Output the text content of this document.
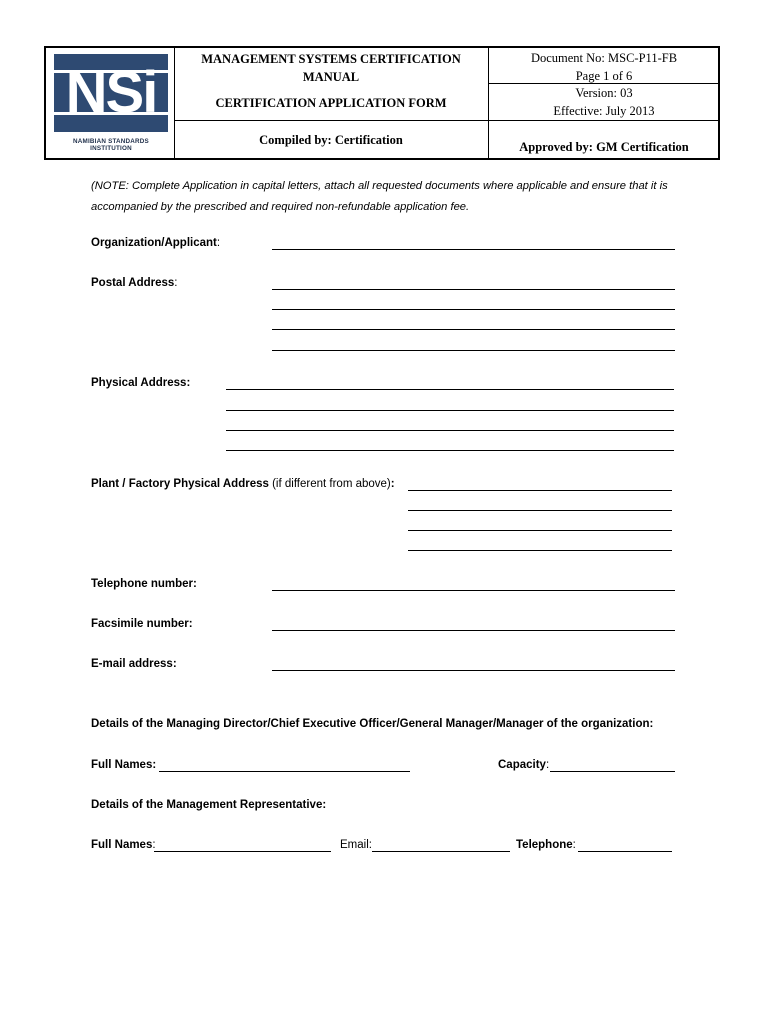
NSi
NAMIBIAN STANDARDS INSTITUTION
MANAGEMENT SYSTEMS CERTIFICATION
MANUAL
CERTIFICATION APPLICATION FORM
Compiled by: Certification
Document No: MSC-P11-FB
Page 1 of 6
Version: 03
Effective: July 2013
Approved by: GM Certification
(NOTE: Complete Application in capital letters, attach all requested documents where applicable and ensure that it is accompanied by the prescribed and required non-refundable application fee.
Organization/Applicant:
Postal Address:
Physical Address:
Plant / Factory Physical Address (if different from above):
Telephone number:
Facsimile number:
E-mail address:
Details of the Managing Director/Chief Executive Officer/General Manager/Manager of the organization:
Full Names:	Capacity:
Details of the Management Representative:
Full Names:	Email:	Telephone:
